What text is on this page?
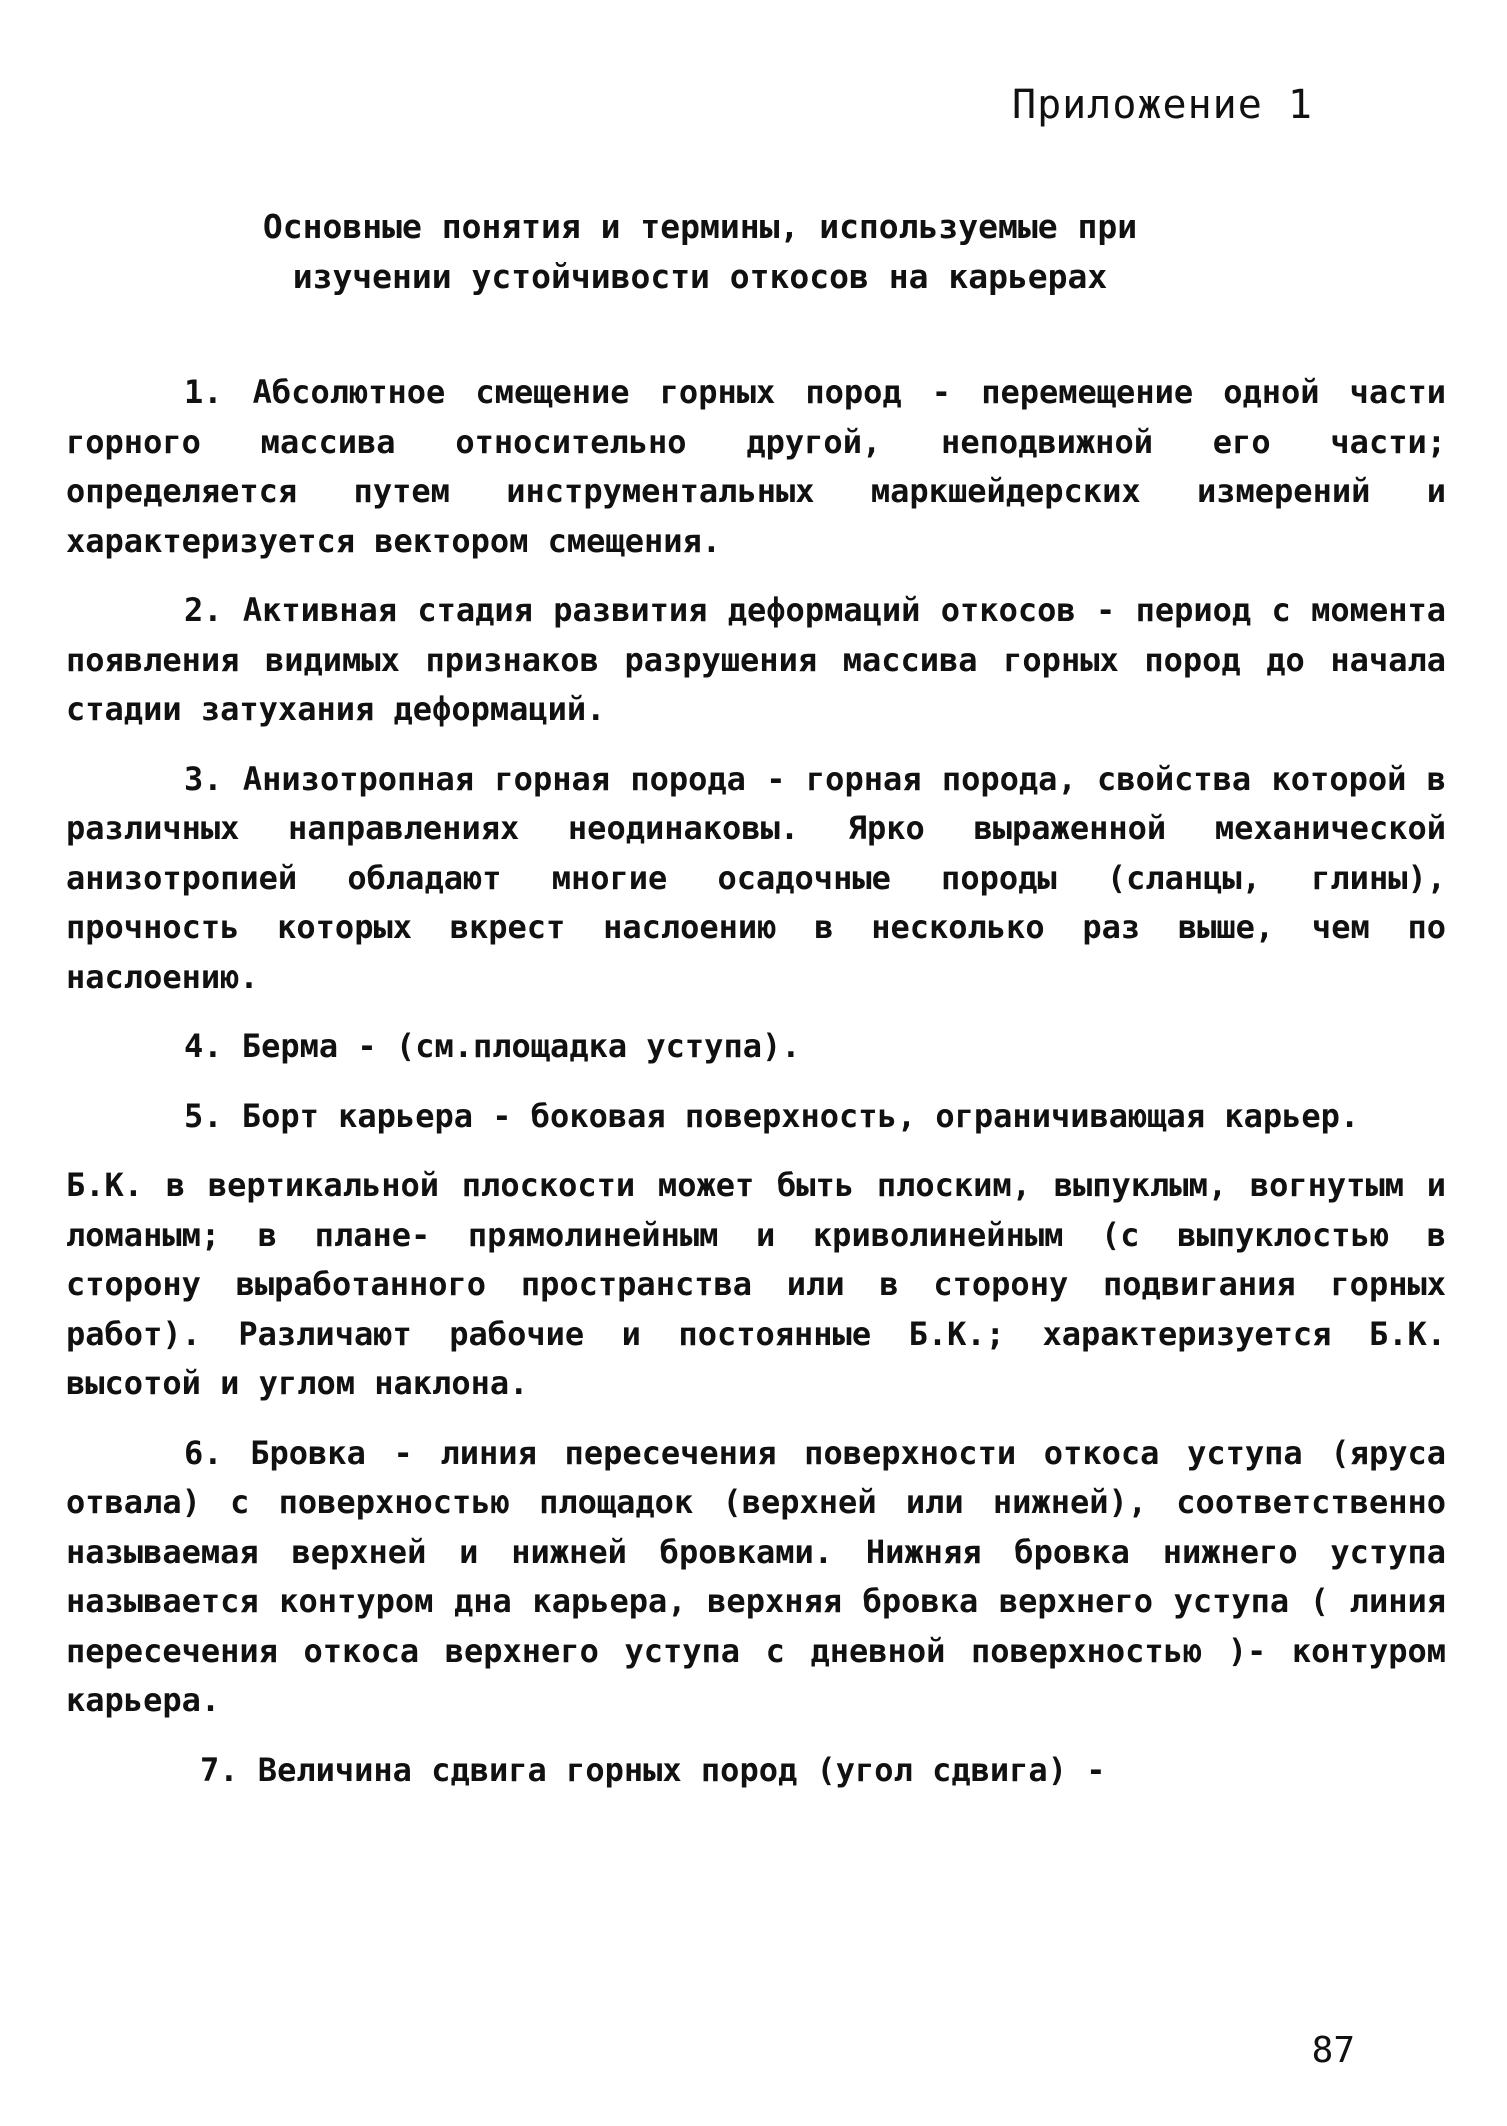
Приложение 1
Основные понятия и термины, используемые при
изучении устойчивости откосов на карьерах

1. Абсолютное смещение горных пород - перемещение одной части горного массива относительно другой, неподвижной его части; определяется путем инструментальных маркшейдерских измерений и характеризуется вектором смещения.

2. Активная стадия развития деформаций откосов - период с момента появления видимых признаков разрушения массива горных пород до начала стадии затухания деформаций.

3. Анизотропная горная порода - горная порода, свойства которой в различных направлениях неодинаковы. Ярко выраженной механической анизотропией обладают многие осадочные породы (сланцы, глины), прочность которых вкрест наслоению в несколько раз выше, чем по наслоению.

4. Берма - (см.площадка уступа).

5. Борт карьера - боковая поверхность, ограничивающая карьер.

Б.К. в вертикальной плоскости может быть плоским, выпуклым, вогнутым и ломаным; в плане- прямолинейным и криволинейным (с выпуклостью в сторону выработанного пространства или в сторону подвигания горных работ). Различают рабочие и постоянные Б.К.; характеризуется Б.К. высотой и углом наклона.

6. Бровка - линия пересечения поверхности откоса уступа (яруса отвала) с поверхностью площадок (верхней или нижней), соответственно называемая верхней и нижней бровками. Нижняя бровка нижнего уступа называется контуром дна карьера, верхняя бровка верхнего уступа ( линия пересечения откоса верхнего уступа с дневной поверхностью )- контуром карьера.

7. Величина сдвига горных пород (угол сдвига) -

87
